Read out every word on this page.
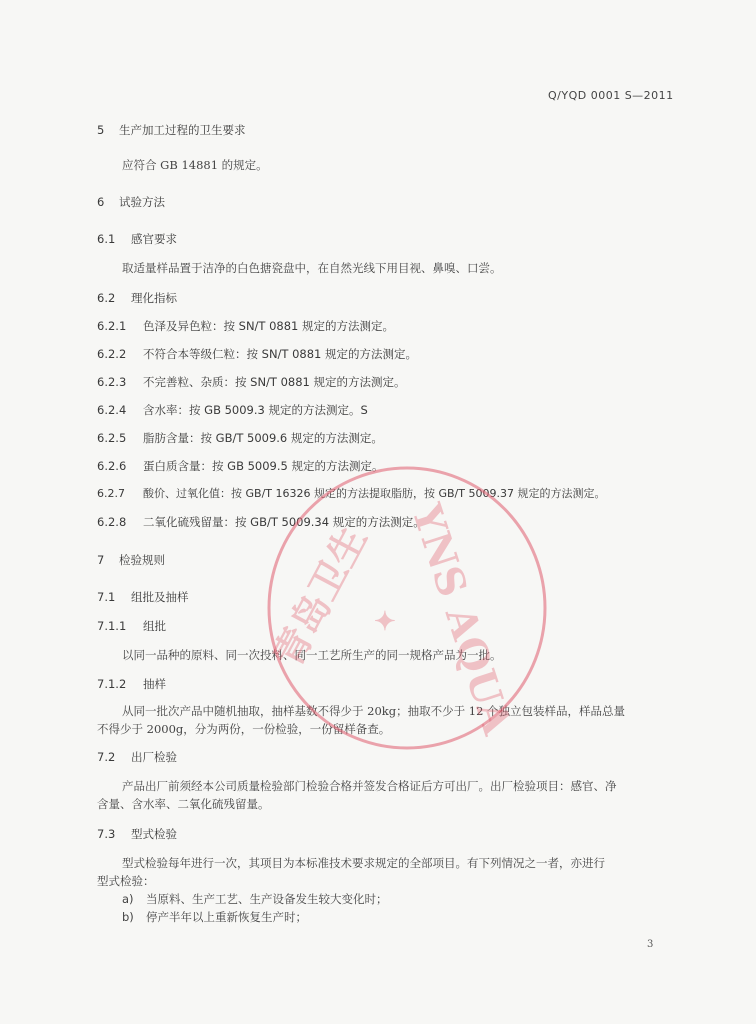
Q/YQD 0001 S—2011
5 生产加工过程的卫生要求
应符合 GB 14881 的规定。
6 试验方法
6.1 感官要求
取适量样品置于洁净的白色搪瓷盘中，在自然光线下用目视、鼻嗅、口尝。
6.2 理化指标
6.2.1 色泽及异色粒：按 SN/T 0881 规定的方法测定。
6.2.2 不符合本等级仁粒：按 SN/T 0881 规定的方法测定。
6.2.3 不完善粒、杂质：按 SN/T 0881 规定的方法测定。
6.2.4 含水率：按 GB 5009.3 规定的方法测定。S
6.2.5 脂肪含量：按 GB/T 5009.6 规定的方法测定。
6.2.6 蛋白质含量：按 GB 5009.5 规定的方法测定。
6.2.7 酸价、过氧化值：按 GB/T 16326 规定的方法提取脂肪，按 GB/T 5009.37 规定的方法测定。
6.2.8 二氧化硫残留量：按 GB/T 5009.34 规定的方法测定。
7 检验规则
7.1 组批及抽样
7.1.1 组批
以同一品种的原料、同一次投料、同一工艺所生产的同一规格产品为一批。
7.1.2 抽样
从同一批次产品中随机抽取，抽样基数不得少于 20kg；抽取不少于 12 个独立包装样品，样品总量
不得少于 2000g，分为两份，一份检验，一份留样备查。
7.2 出厂检验
产品出厂前须经本公司质量检验部门检验合格并签发合格证后方可出厂。出厂检验项目：感官、净
含量、含水率、二氧化硫残留量。
7.3 型式检验
型式检验每年进行一次，其项目为本标准技术要求规定的全部项目。有下列情况之一者，亦进行
型式检验：
a) 当原料、生产工艺、生产设备发生较大变化时；
b) 停产半年以上重新恢复生产时；
3
青岛卫生 YNS AQUA
✦
